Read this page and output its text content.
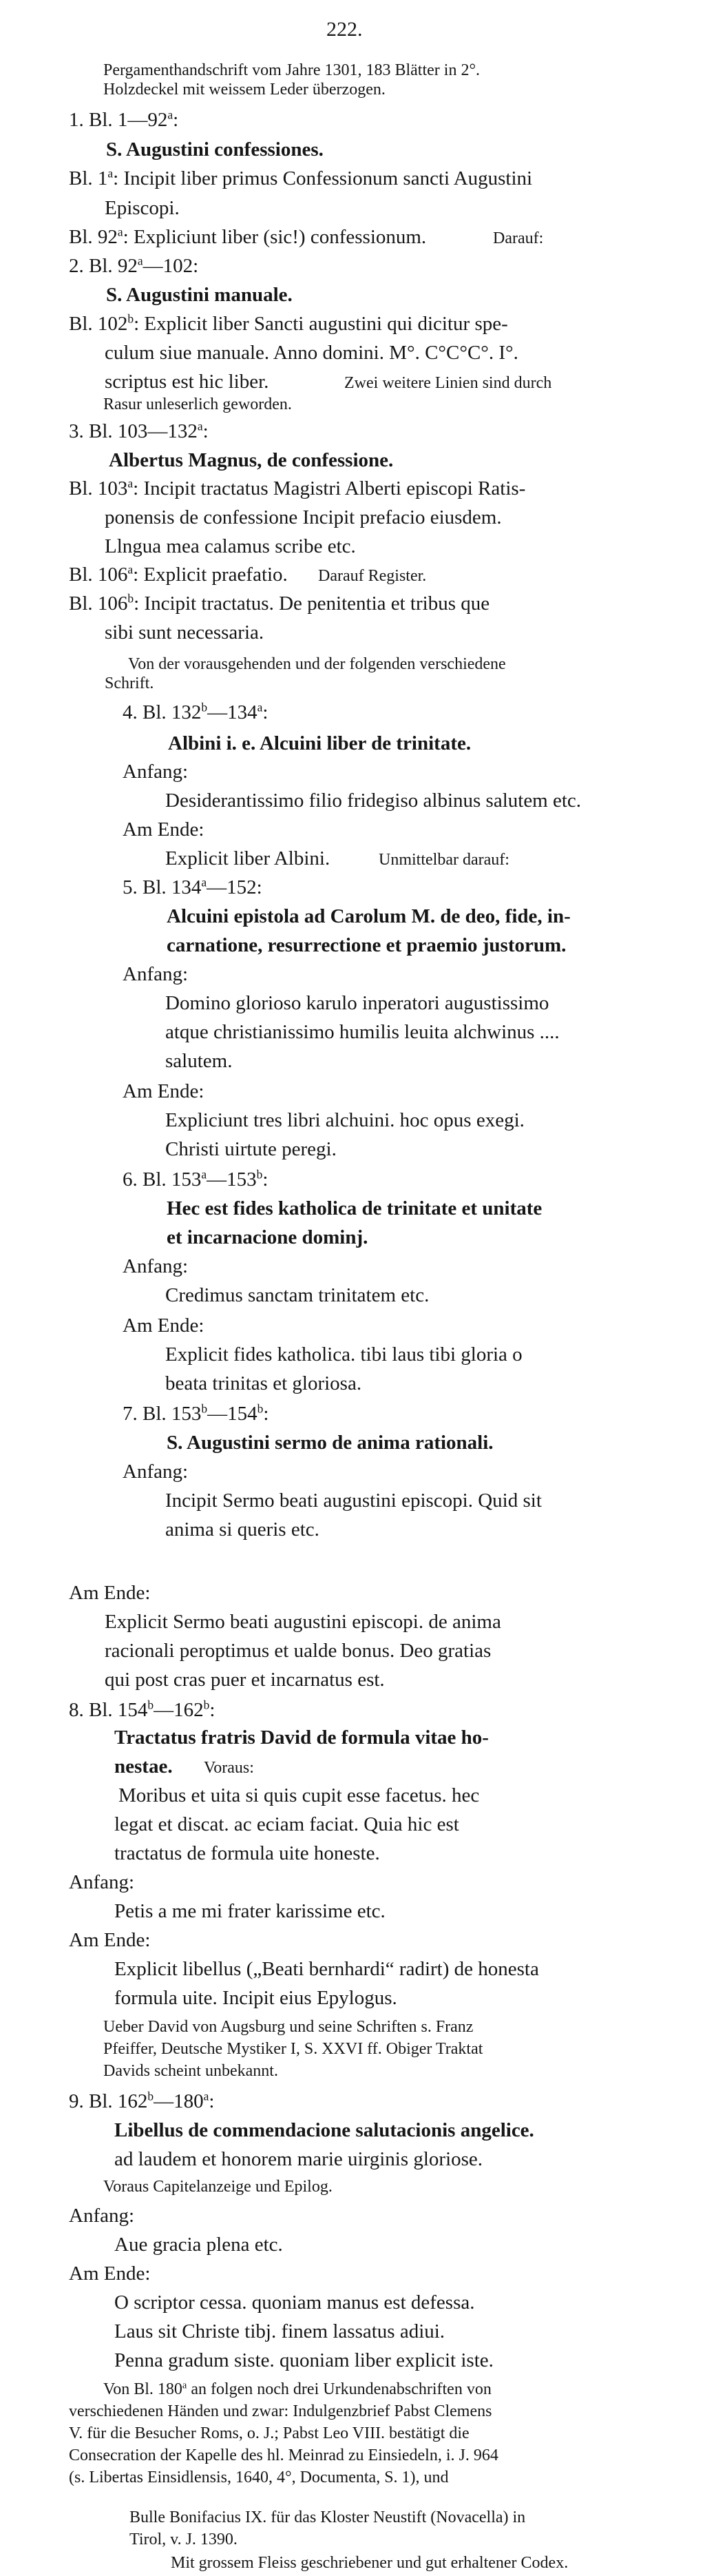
222.
Pergamenthandschrift vom Jahre 1301, 183 Blätter in 2°.
Holzdeckel mit weissem Leder überzogen.
1. Bl. 1—92$^a$:
S. Augustini confessiones.
Bl. 1$^a$: Incipit liber primus Confessionum sancti Augustini
Episcopi.
Bl. 92$^a$: Expliciunt liber (sic!) confessionum.	Darauf:
2. Bl. 92$^a$—102:
S. Augustini manuale.
Bl. 102$^b$: Explicit liber Sancti augustini qui dicitur spe-
culum siue manuale. Anno domini. M°. C°C°C°. I°.
scriptus est hic liber.	Zwei weitere Linien sind durch
Rasur unleserlich geworden.
3. Bl. 103—132$^a$:
Albertus Magnus, de confessione.
Bl. 103$^a$: Incipit tractatus Magistri Alberti episcopi Ratis-
ponensis de confessione Incipit prefacio eiusdem.
Llngua mea calamus scribe etc.
Bl. 106$^a$: Explicit praefatio. Darauf Register.
Bl. 106$^b$: Incipit tractatus. De penitentia et tribus que
sibi sunt necessaria.
Von der vorausgehenden und der folgenden verschiedene
Schrift.
4. Bl. 132$^b$—134$^a$:
Albini i. e. Alcuini liber de trinitate.
Anfang:
Desiderantissimo filio fridegiso albinus salutem etc.
Am Ende:
Explicit liber Albini.	Unmittelbar darauf:
5. Bl. 134$^a$—152:
Alcuini epistola ad Carolum M. de deo, fide, in-
carnatione, resurrectione et praemio justorum.
Anfang:
Domino glorioso karulo inperatori augustissimo
atque christianissimo humilis leuita alchwinus ....
salutem.
Am Ende:
Expliciunt tres libri alchuini. hoc opus exegi.
Christi uirtute peregi.
6. Bl. 153$^a$—153$^b$:
Hec est fides katholica de trinitate et unitate
et incarnacione dominj.
Anfang:
Credimus sanctam trinitatem etc.
Am Ende:
Explicit fides katholica. tibi laus tibi gloria o
beata trinitas et gloriosa.
7. Bl. 153$^b$—154$^b$:
S. Augustini sermo de anima rationali.
Anfang:
Incipit Sermo beati augustini episcopi. Quid sit
anima si queris etc.
Am Ende:
Explicit Sermo beati augustini episcopi. de anima
racionali peroptimus et ualde bonus. Deo gratias
qui post cras puer et incarnatus est.
8. Bl. 154$^b$—162$^b$:
Tractatus fratris David de formula vitae ho-
nestae. Voraus:
Moribus et uita si quis cupit esse facetus. hec
legat et discat. ac eciam faciat. Quia hic est
tractatus de formula uite honeste.
Anfang:
Petis a me mi frater karissime etc.
Am Ende:
Explicit libellus („Beati bernhardi“ radirt) de honesta
formula uite. Incipit eius Epylogus.
Ueber David von Augsburg und seine Schriften s. Franz
Pfeiffer, Deutsche Mystiker I, S. XXVI ff. Obiger Traktat
Davids scheint unbekannt.
9. Bl. 162$^b$—180$^a$:
Libellus de commendacione salutacionis angelice.
ad laudem et honorem marie uirginis gloriose.
Voraus Capitelanzeige und Epilog.
Anfang:
Aue gracia plena etc.
Am Ende:
O scriptor cessa. quoniam manus est defessa.
Laus sit Christe tibj. finem lassatus adiui.
Penna gradum siste. quoniam liber explicit iste.
Von Bl. 180$^a$ an folgen noch drei Urkundenabschriften von
verschiedenen Händen und zwar: Indulgenzbrief Pabst Clemens
V. für die Besucher Roms, o. J.; Pabst Leo VIII. bestätigt die
Consecration der Kapelle des hl. Meinrad zu Einsiedeln, i. J. 964
(s. Libertas Einsidlensis, 1640, 4°, Documenta, S. 1), und
Bulle Bonifacius IX. für das Kloster Neustift (Novacella) in
Tirol, v. J. 1390.
Mit grossem Fleiss geschriebener und gut erhaltener Codex.
